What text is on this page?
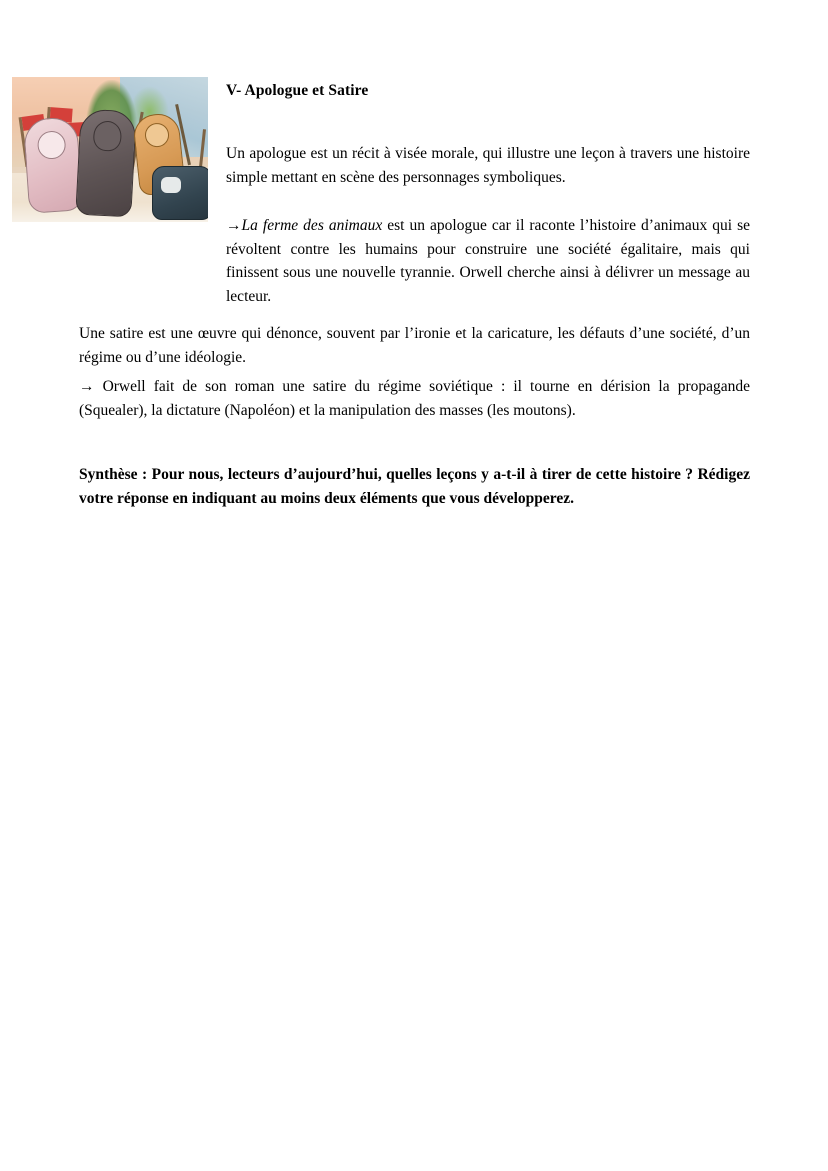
V- Apologue et Satire
Un apologue est un récit à visée morale, qui illustre une leçon à travers une histoire simple mettant en scène des personnages symboliques.
→La ferme des animaux est un apologue car il raconte l’histoire d’animaux qui se révoltent contre les humains pour construire une société égalitaire, mais qui finissent sous une nouvelle tyrannie. Orwell cherche ainsi à délivrer un message au lecteur.
Une satire est une œuvre qui dénonce, souvent par l’ironie et la caricature, les défauts d’une société, d’un régime ou d’une idéologie.
→ Orwell fait de son roman une satire du régime soviétique : il tourne en dérision la propagande (Squealer), la dictature (Napoléon) et la manipulation des masses (les moutons).
Synthèse : Pour nous, lecteurs d’aujourd’hui, quelles leçons y a-t-il à tirer de cette histoire ? Rédigez votre réponse en indiquant au moins deux éléments que vous développerez.
